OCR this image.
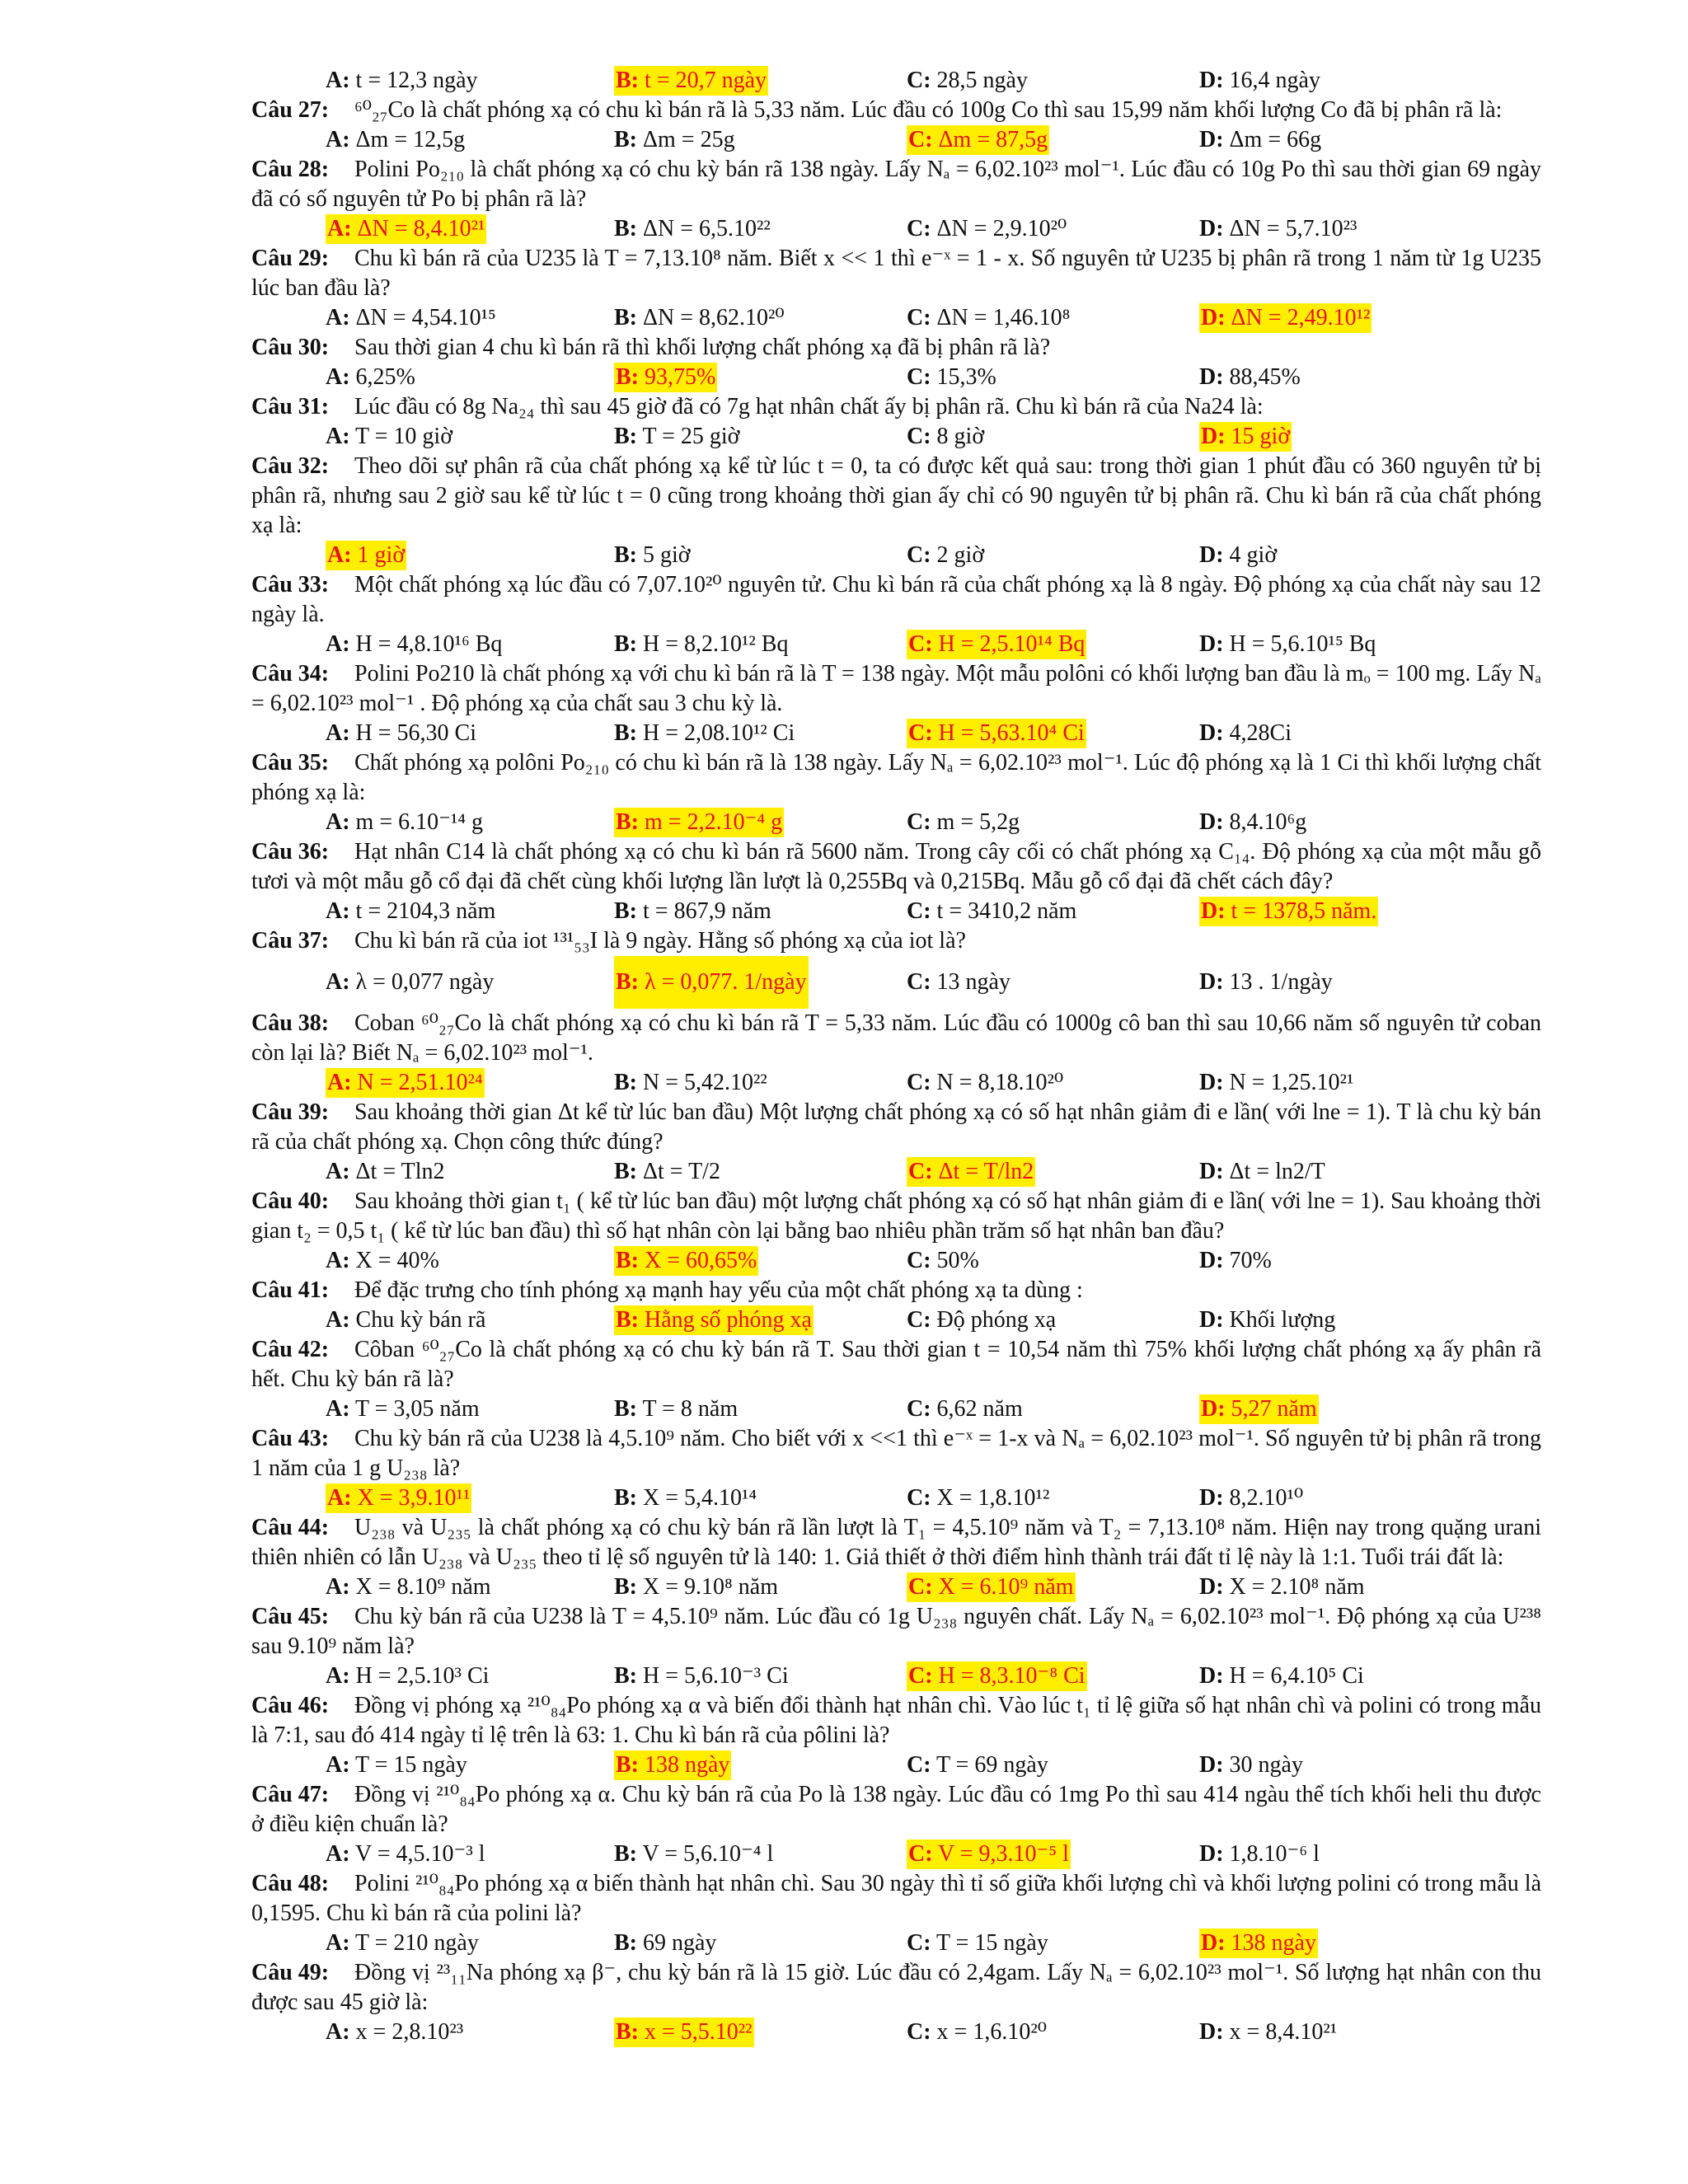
A: t = 12,3 ngày	B: t = 20,7 ngày	C: 28,5 ngày	D: 16,4 ngày
Câu 27: ⁶⁰₂₇Co là chất phóng xạ có chu kì bán rã là 5,33 năm. Lúc đầu có 100g Co thì sau 15,99 năm khối lượng Co đã bị phân rã là:
A: Δm = 12,5g	B: Δm = 25g	C: Δm = 87,5g	D: Δm = 66g
Câu 28: Polini Po₂₁₀ là chất phóng xạ có chu kỳ bán rã 138 ngày. Lấy Nₐ = 6,02.10²³ mol⁻¹. Lúc đầu có 10g Po thì sau thời gian 69 ngày đã có số nguyên tử Po bị phân rã là?
A: ΔN = 8,4.10²¹	B: ΔN = 6,5.10²²	C: ΔN = 2,9.10²⁰	D: ΔN = 5,7.10²³
Câu 29: Chu kì bán rã của U235 là T = 7,13.10⁸ năm. Biết x << 1 thì e⁻ˣ = 1 - x. Số nguyên tử U235 bị phân rã trong 1 năm từ 1g U235 lúc ban đầu là?
A: ΔN = 4,54.10¹⁵	B: ΔN = 8,62.10²⁰	C: ΔN = 1,46.10⁸	D: ΔN = 2,49.10¹²
Câu 30: Sau thời gian 4 chu kì bán rã thì khối lượng chất phóng xạ đã bị phân rã là?
A: 6,25%	B: 93,75%	C: 15,3%	D: 88,45%
Câu 31: Lúc đầu có 8g Na₂₄ thì sau 45 giờ đã có 7g hạt nhân chất ấy bị phân rã. Chu kì bán rã của Na24 là:
A: T = 10 giờ	B: T = 25 giờ	C: 8 giờ	D: 15 giờ
Câu 32: Theo dõi sự phân rã của chất phóng xạ kể từ lúc t = 0, ta có được kết quả sau: trong thời gian 1 phút đầu có 360 nguyên tử bị phân rã, nhưng sau 2 giờ sau kể từ lúc t = 0 cũng trong khoảng thời gian ấy chỉ có 90 nguyên tử bị phân rã. Chu kì bán rã của chất phóng xạ là:
A: 1 giờ	B: 5 giờ	C: 2 giờ	D: 4 giờ
Câu 33: Một chất phóng xạ lúc đầu có 7,07.10²⁰ nguyên tử. Chu kì bán rã của chất phóng xạ là 8 ngày. Độ phóng xạ của chất này sau 12 ngày là.
A: H = 4,8.10¹⁶ Bq	B: H = 8,2.10¹² Bq	C: H = 2,5.10¹⁴ Bq	D: H = 5,6.10¹⁵ Bq
Câu 34: Polini Po210 là chất phóng xạ với chu kì bán rã là T = 138 ngày. Một mẫu polôni có khối lượng ban đầu là mₒ = 100 mg. Lấy Nₐ = 6,02.10²³ mol⁻¹ . Độ phóng xạ của chất sau 3 chu kỳ là.
A: H = 56,30 Ci	B: H = 2,08.10¹² Ci	C: H = 5,63.10⁴ Ci	D: 4,28Ci
Câu 35: Chất phóng xạ polôni Po₂₁₀ có chu kì bán rã là 138 ngày. Lấy Nₐ = 6,02.10²³ mol⁻¹. Lúc độ phóng xạ là 1 Ci thì khối lượng chất phóng xạ là:
A: m = 6.10⁻¹⁴ g	B: m = 2,2.10⁻⁴ g	C: m = 5,2g	D: 8,4.10⁶g
Câu 36: Hạt nhân C14 là chất phóng xạ có chu kì bán rã 5600 năm. Trong cây cối có chất phóng xạ C₁₄. Độ phóng xạ của một mẫu gỗ tươi và một mẫu gỗ cổ đại đã chết cùng khối lượng lần lượt là 0,255Bq và 0,215Bq. Mẫu gỗ cổ đại đã chết cách đây?
A: t = 2104,3 năm	B: t = 867,9 năm	C: t = 3410,2 năm	D: t = 1378,5 năm.
Câu 37: Chu kì bán rã của iot ¹³¹₅₃I là 9 ngày. Hằng số phóng xạ của iot là?
A: λ = 0,077 ngày	B: λ = 0,077. 1/ngày	C: 13 ngày	D: 13 . 1/ngày
Câu 38: Coban ⁶⁰₂₇Co là chất phóng xạ có chu kì bán rã T = 5,33 năm. Lúc đầu có 1000g cô ban thì sau 10,66 năm số nguyên tử coban còn lại là? Biết Nₐ = 6,02.10²³ mol⁻¹.
A: N = 2,51.10²⁴	B: N = 5,42.10²²	C: N = 8,18.10²⁰	D: N = 1,25.10²¹
Câu 39: Sau khoảng thời gian Δt kể từ lúc ban đầu) Một lượng chất phóng xạ có số hạt nhân giảm đi e lần( với lne = 1). T là chu kỳ bán rã của chất phóng xạ. Chọn công thức đúng?
A: Δt = Tln2	B: Δt = T/2	C: Δt = T/ln2	D: Δt = ln2/T
Câu 40: Sau khoảng thời gian t₁ ( kể từ lúc ban đầu) một lượng chất phóng xạ có số hạt nhân giảm đi e lần( với lne = 1). Sau khoảng thời gian t₂ = 0,5 t₁ ( kể từ lúc ban đầu) thì số hạt nhân còn lại bằng bao nhiêu phần trăm số hạt nhân ban đầu?
A: X = 40%	B: X = 60,65%	C: 50%	D: 70%
Câu 41: Để đặc trưng cho tính phóng xạ mạnh hay yếu của một chất phóng xạ ta dùng :
A: Chu kỳ bán rã	B: Hằng số phóng xạ	C: Độ phóng xạ	D: Khối lượng
Câu 42: Côban ⁶⁰₂₇Co là chất phóng xạ có chu kỳ bán rã T. Sau thời gian t = 10,54 năm thì 75% khối lượng chất phóng xạ ấy phân rã hết. Chu kỳ bán rã là?
A: T = 3,05 năm	B: T = 8 năm	C: 6,62 năm	D: 5,27 năm
Câu 43: Chu kỳ bán rã của U238 là 4,5.10⁹ năm. Cho biết với x <<1 thì e⁻ˣ = 1-x và Nₐ = 6,02.10²³ mol⁻¹. Số nguyên tử bị phân rã trong 1 năm của 1 g U₂₃₈ là?
A: X = 3,9.10¹¹	B: X = 5,4.10¹⁴	C: X = 1,8.10¹²	D: 8,2.10¹⁰
Câu 44: U₂₃₈ và U₂₃₅ là chất phóng xạ có chu kỳ bán rã lần lượt là T₁ = 4,5.10⁹ năm và T₂ = 7,13.10⁸ năm. Hiện nay trong quặng urani thiên nhiên có lẫn U₂₃₈ và U₂₃₅ theo tỉ lệ số nguyên tử là 140: 1. Giả thiết ở thời điểm hình thành trái đất tỉ lệ này là 1:1. Tuổi trái đất là:
A: X = 8.10⁹ năm	B: X = 9.10⁸ năm	C: X = 6.10⁹ năm	D: X = 2.10⁸ năm
Câu 45: Chu kỳ bán rã của U238 là T = 4,5.10⁹ năm. Lúc đầu có 1g U₂₃₈ nguyên chất. Lấy Nₐ = 6,02.10²³ mol⁻¹. Độ phóng xạ của U²³⁸ sau 9.10⁹ năm là?
A: H = 2,5.10³ Ci	B: H = 5,6.10⁻³ Ci	C: H = 8,3.10⁻⁸ Ci	D: H = 6,4.10⁵ Ci
Câu 46: Đồng vị phóng xạ ²¹⁰₈₄Po phóng xạ α và biến đổi thành hạt nhân chì. Vào lúc t₁ tỉ lệ giữa số hạt nhân chì và polini có trong mẫu là 7:1, sau đó 414 ngày tỉ lệ trên là 63: 1. Chu kì bán rã của pôlini là?
A: T = 15 ngày	B: 138 ngày	C: T = 69 ngày	D: 30 ngày
Câu 47: Đồng vị ²¹⁰₈₄Po phóng xạ α. Chu kỳ bán rã của Po là 138 ngày. Lúc đầu có 1mg Po thì sau 414 ngàu thể tích khối heli thu được ở điều kiện chuẩn là?
A: V = 4,5.10⁻³ l	B: V = 5,6.10⁻⁴ l	C: V = 9,3.10⁻⁵ l	D: 1,8.10⁻⁶ l
Câu 48: Polini ²¹⁰₈₄Po phóng xạ α biến thành hạt nhân chì. Sau 30 ngày thì tỉ số giữa khối lượng chì và khối lượng polini có trong mẫu là 0,1595. Chu kì bán rã của polini là?
A: T = 210 ngày	B: 69 ngày	C: T = 15 ngày	D: 138 ngày
Câu 49: Đồng vị ²³₁₁Na phóng xạ β⁻, chu kỳ bán rã là 15 giờ. Lúc đầu có 2,4gam. Lấy Nₐ = 6,02.10²³ mol⁻¹. Số lượng hạt nhân con thu được sau 45 giờ là:
A: x = 2,8.10²³	B: x = 5,5.10²²	C: x = 1,6.10²⁰	D: x = 8,4.10²¹
